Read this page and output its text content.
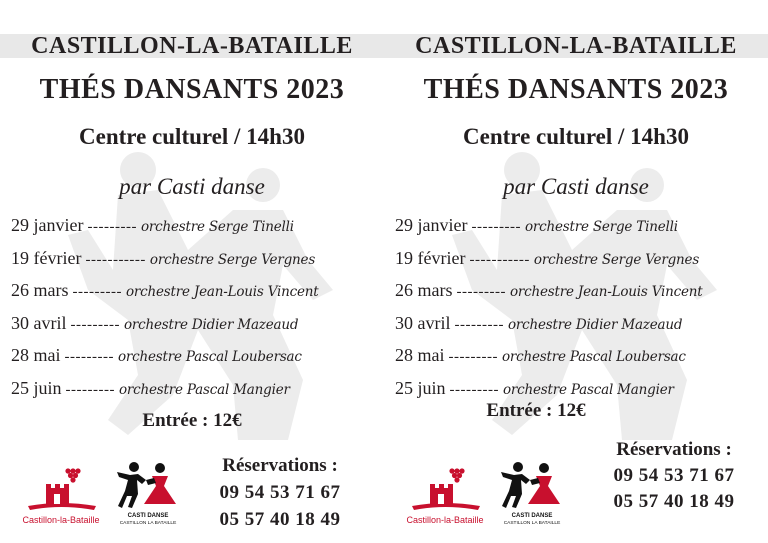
CASTILLON-LA-BATAILLE
THÉS DANSANTS 2023
Centre culturel / 14h30
par Casti danse
29 janvier --------- orchestre Serge Tinelli
19 février ----------- orchestre Serge Vergnes
26 mars --------- orchestre Jean-Louis Vincent
30 avril --------- orchestre Didier Mazeaud
28 mai --------- orchestre Pascal Loubersac
25 juin --------- orchestre Pascal Mangier
Entrée : 12€
Castillon-la-Bataille	CASTI DANSE
CASTILLON LA BATAILLE
Réservations :
09 54 53 71 67
05 57 40 18 49
CASTILLON-LA-BATAILLE
THÉS DANSANTS 2023
Centre culturel / 14h30
par Casti danse
29 janvier --------- orchestre Serge Tinelli
19 février ----------- orchestre Serge Vergnes
26 mars --------- orchestre Jean-Louis Vincent
30 avril --------- orchestre Didier Mazeaud
28 mai --------- orchestre Pascal Loubersac
25 juin --------- orchestre Pascal Mangier
Entrée : 12€
Castillon-la-Bataille	CASTI DANSE
CASTILLON LA BATAILLE
Réservations :
09 54 53 71 67
05 57 40 18 49
